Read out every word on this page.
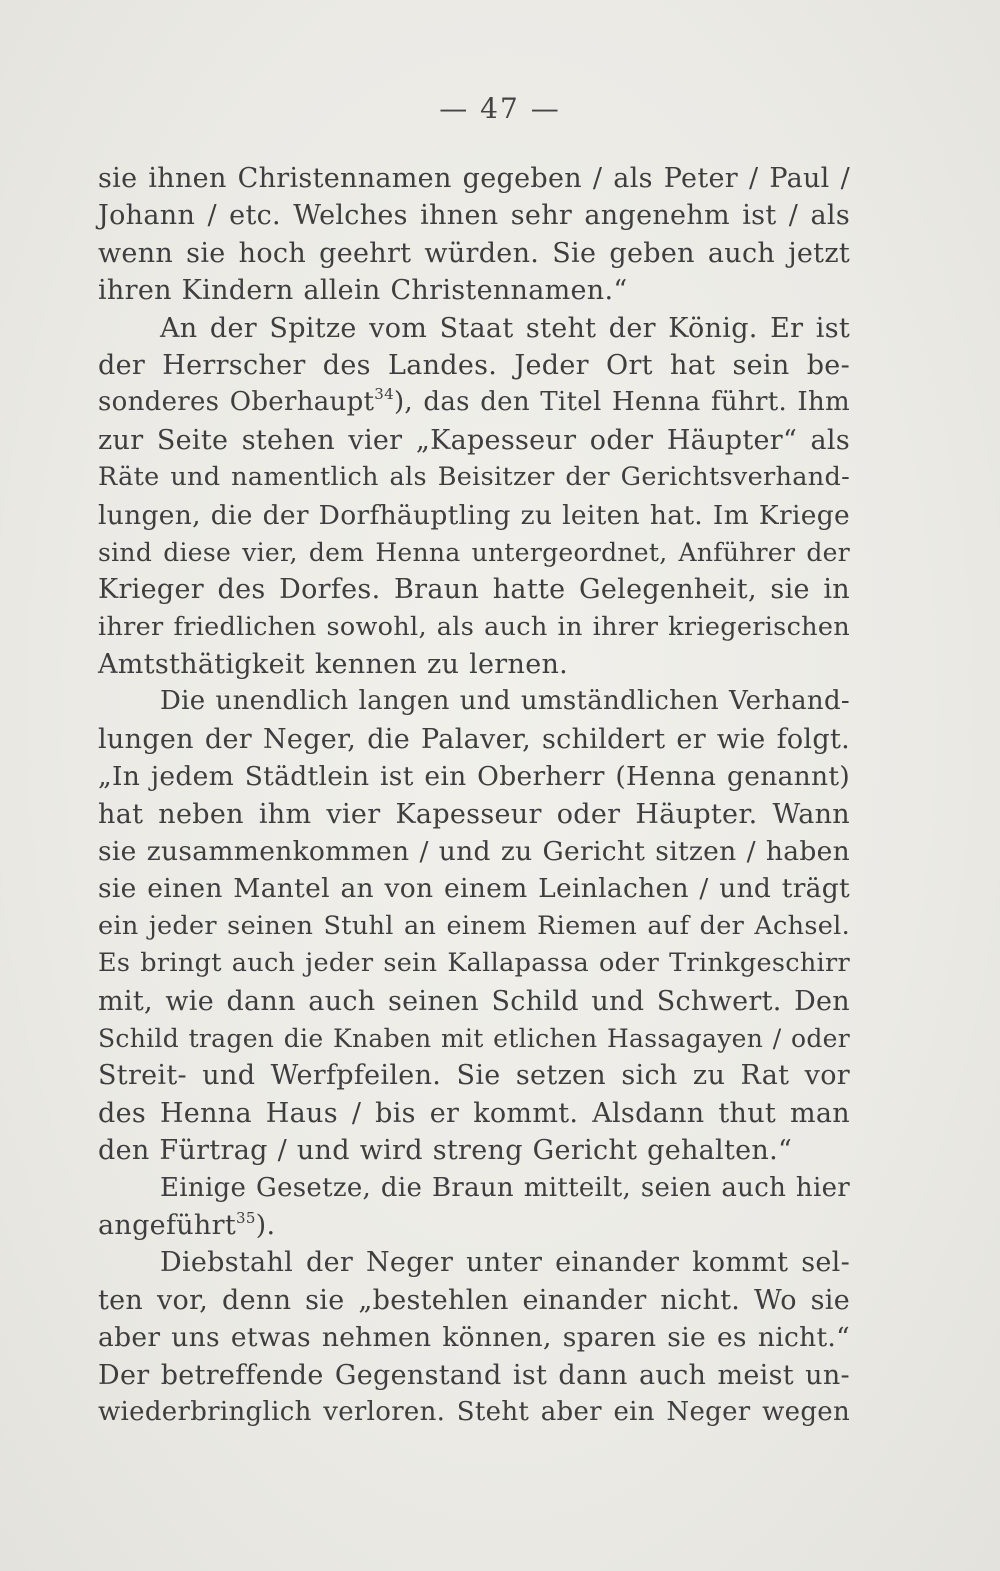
— 47 —
sie ihnen Christennamen gegeben / als Peter / Paul /
Johann / etc. Welches ihnen sehr angenehm ist / als
wenn sie hoch geehrt würden. Sie geben auch jetzt
ihren Kindern allein Christennamen.“
An der Spitze vom Staat steht der König. Er ist
der Herrscher des Landes. Jeder Ort hat sein be-
sonderes Oberhaupt$^{34}$), das den Titel Henna führt. Ihm
zur Seite stehen vier „Kapesseur oder Häupter“ als
Räte und namentlich als Beisitzer der Gerichtsverhand-
lungen, die der Dorfhäuptling zu leiten hat. Im Kriege
sind diese vier, dem Henna untergeordnet, Anführer der
Krieger des Dorfes. Braun hatte Gelegenheit, sie in
ihrer friedlichen sowohl, als auch in ihrer kriegerischen
Amtsthätigkeit kennen zu lernen.
Die unendlich langen und umständlichen Verhand-
lungen der Neger, die Palaver, schildert er wie folgt.
„In jedem Städtlein ist ein Oberherr (Henna genannt)
hat neben ihm vier Kapesseur oder Häupter. Wann
sie zusammenkommen / und zu Gericht sitzen / haben
sie einen Mantel an von einem Leinlachen / und trägt
ein jeder seinen Stuhl an einem Riemen auf der Achsel.
Es bringt auch jeder sein Kallapassa oder Trinkgeschirr
mit, wie dann auch seinen Schild und Schwert. Den
Schild tragen die Knaben mit etlichen Hassagayen / oder
Streit- und Werfpfeilen. Sie setzen sich zu Rat vor
des Henna Haus / bis er kommt. Alsdann thut man
den Fürtrag / und wird streng Gericht gehalten.“
Einige Gesetze, die Braun mitteilt, seien auch hier
angeführt$^{35}$).
Diebstahl der Neger unter einander kommt sel-
ten vor, denn sie „bestehlen einander nicht. Wo sie
aber uns etwas nehmen können, sparen sie es nicht.“
Der betreffende Gegenstand ist dann auch meist un-
wiederbringlich verloren. Steht aber ein Neger wegen
